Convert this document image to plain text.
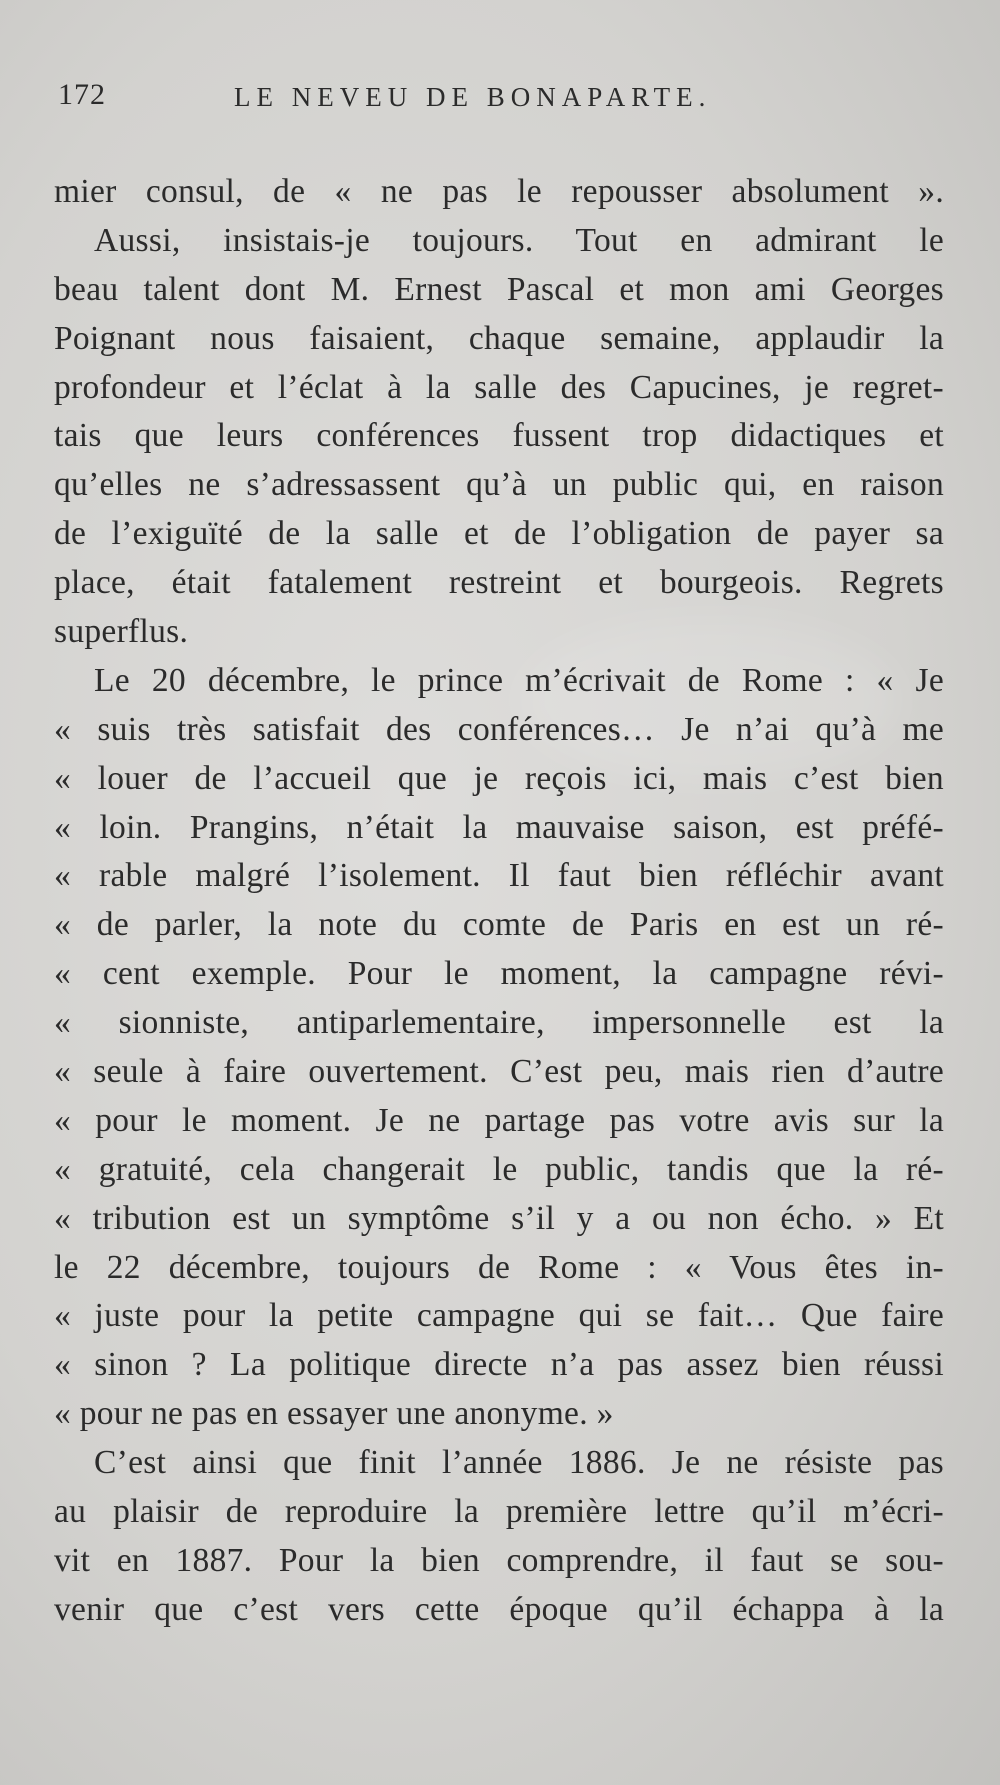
172	LE NEVEU DE BONAPARTE.
mier consul, de « ne pas le repousser absolument ».
Aussi, insistais-je toujours. Tout en admirant le
beau talent dont M. Ernest Pascal et mon ami Georges
Poignant nous faisaient, chaque semaine, applaudir la
profondeur et l’éclat à la salle des Capucines, je regret-
tais que leurs conférences fussent trop didactiques et
qu’elles ne s’adressassent qu’à un public qui, en raison
de l’exiguïté de la salle et de l’obligation de payer sa
place, était fatalement restreint et bourgeois. Regrets
superflus.
Le 20 décembre, le prince m’écrivait de Rome : « Je
« suis très satisfait des conférences… Je n’ai qu’à me
« louer de l’accueil que je reçois ici, mais c’est bien
« loin. Prangins, n’était la mauvaise saison, est préfé-
« rable malgré l’isolement. Il faut bien réfléchir avant
« de parler, la note du comte de Paris en est un ré-
« cent exemple. Pour le moment, la campagne révi-
« sionniste, antiparlementaire, impersonnelle est la
« seule à faire ouvertement. C’est peu, mais rien d’autre
« pour le moment. Je ne partage pas votre avis sur la
« gratuité, cela changerait le public, tandis que la ré-
« tribution est un symptôme s’il y a ou non écho. » Et
le 22 décembre, toujours de Rome : « Vous êtes in-
« juste pour la petite campagne qui se fait… Que faire
« sinon ? La politique directe n’a pas assez bien réussi
« pour ne pas en essayer une anonyme. »
C’est ainsi que finit l’année 1886. Je ne résiste pas
au plaisir de reproduire la première lettre qu’il m’écri-
vit en 1887. Pour la bien comprendre, il faut se sou-
venir que c’est vers cette époque qu’il échappa à la
